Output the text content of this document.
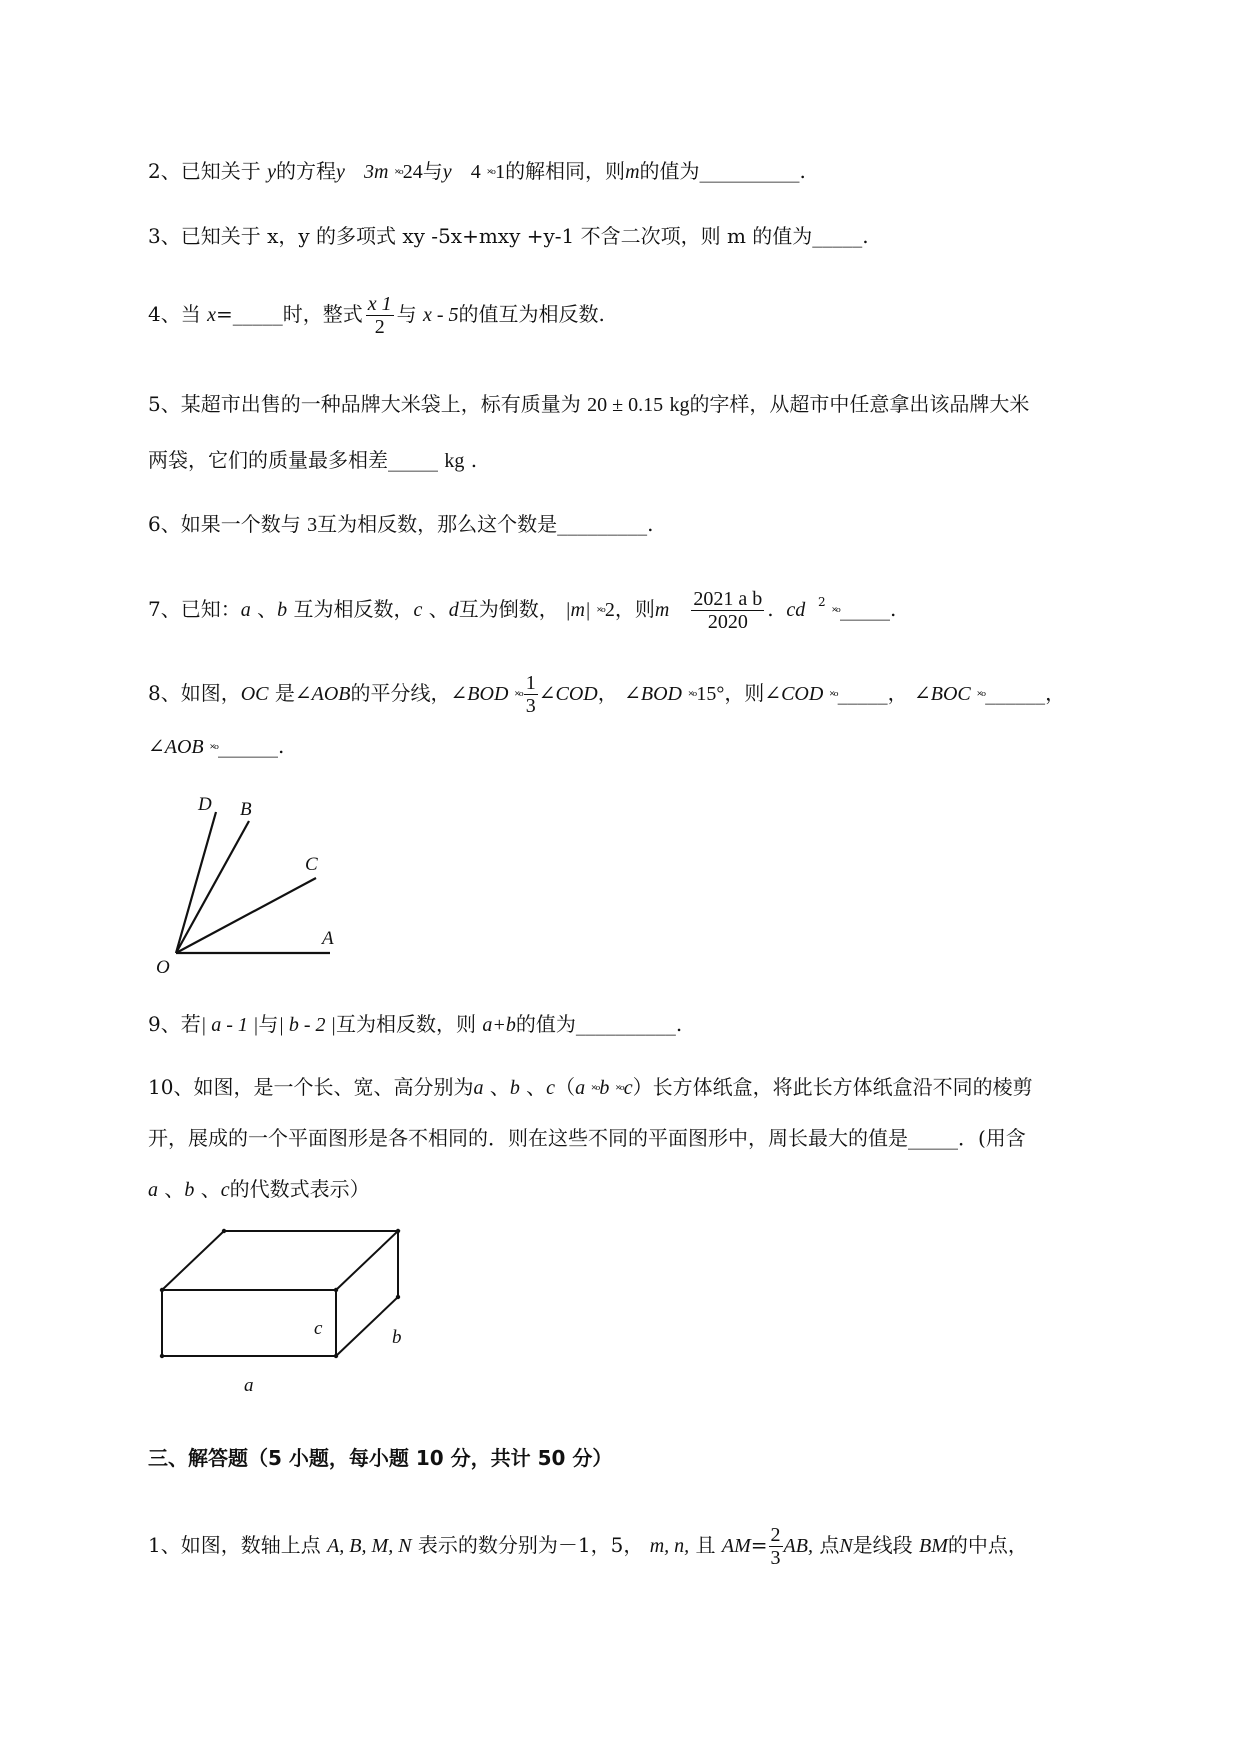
2、已知关于 y的方程y 3m ˟ᵒ24与y 4 ˟ᵒ1的解相同，则m的值为__________.
3、已知关于 x，y 的多项式 xy -5x+mxy +y-1 不含二次项，则 m 的值为_____.
4、当 x=_____时，整式 $\frac{x 1}{2}$ 与 x - 5的值互为相反数.
5、某超市出售的一种品牌大米袋上，标有质量为 20 ± 0.15 kg的字样，从超市中任意拿出该品牌大米
两袋，它们的质量最多相差_____ kg .
6、如果一个数与 3互为相反数，那么这个数是_________.
7、已知：a 、b 互为相反数，c 、d互为倒数， |m| ˟ᵒ2，则m $\frac{\text{2021 a b}}{2020}$ . cd $^2$ ˟ᵒ_____.
8、如图，OC 是∠AOB的平分线，∠BOD ˟ᵒ $\frac{1}{3}$ ∠COD， ∠BOD ˟ᵒ15°，则∠COD ˟ᵒ_____， ∠BOC ˟ᵒ______，
∠AOB ˟ᵒ______.
D B
C
A
O
9、若| a - 1 |与| b - 2 |互为相反数，则 a+b的值为__________.
10、如图，是一个长、宽、高分别为a 、b 、c（a ˟ᵒb ˟ᵒc）长方体纸盒，将此长方体纸盒沿不同的棱剪
开，展成的一个平面图形是各不相同的．则在这些不同的平面图形中，周长最大的值是_____．(用含
a 、b 、c的代数式表示）
c	b
a
三、解答题（5 小题，每小题 10 分，共计 50 分）
1、如图，数轴上点 A, B, M, N 表示的数分别为－1，5， m, n, 且 $AM= \frac{2}{3}$ AB, 点N是线段 BM的中点，
